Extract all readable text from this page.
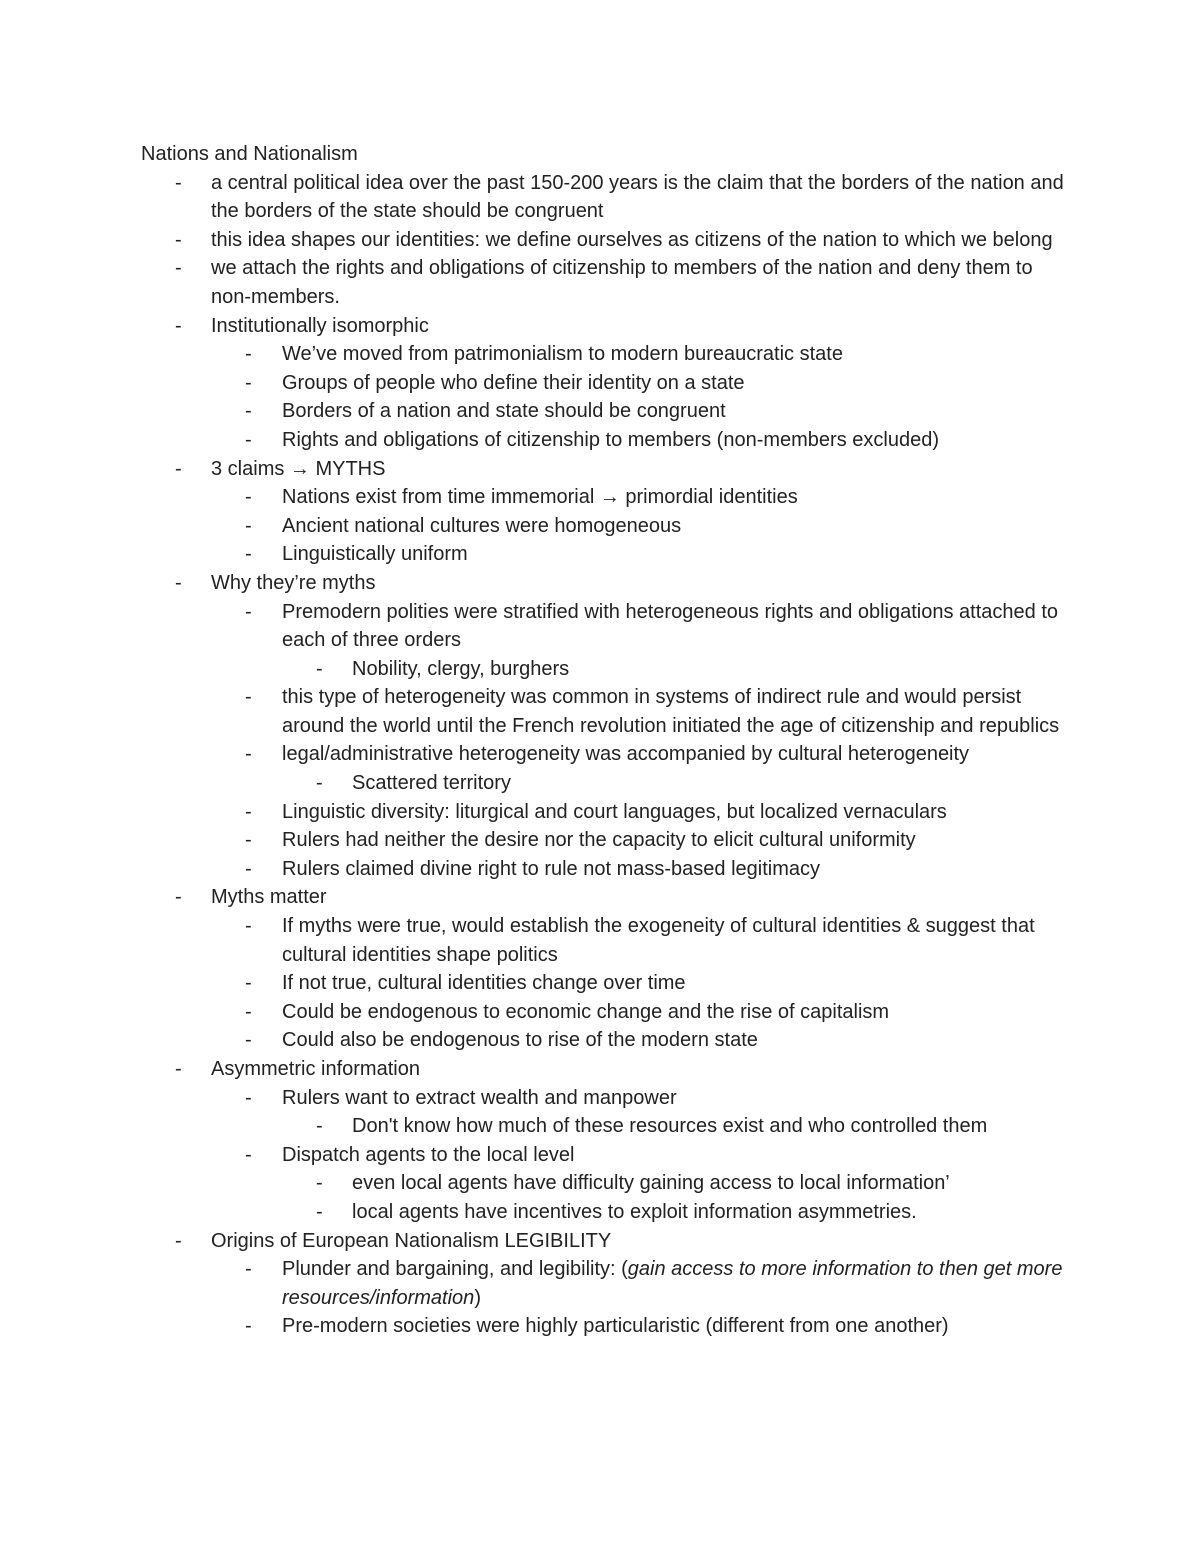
Nations and Nationalism

-	a central political idea over the past 150-200 years is the claim that the borders of the nation and the borders of the state should be congruent
-	this idea shapes our identities: we define ourselves as citizens of the nation to which we belong
-	we attach the rights and obligations of citizenship to members of the nation and deny them to non-members.
-	Institutionally isomorphic
-	We’ve moved from patrimonialism to modern bureaucratic state
-	Groups of people who define their identity on a state
-	Borders of a nation and state should be congruent
-	Rights and obligations of citizenship to members (non-members excluded)
-	3 claims → MYTHS
-	Nations exist from time immemorial → primordial identities
-	Ancient national cultures were homogeneous
-	Linguistically uniform
-	Why they’re myths
-	Premodern polities were stratified with heterogeneous rights and obligations attached to each of three orders
-	Nobility, clergy, burghers
-	this type of heterogeneity was common in systems of indirect rule and would persist around the world until the French revolution initiated the age of citizenship and republics
-	legal/administrative heterogeneity was accompanied by cultural heterogeneity
-	Scattered territory
-	Linguistic diversity: liturgical and court languages, but localized vernaculars
-	Rulers had neither the desire nor the capacity to elicit cultural uniformity
-	Rulers claimed divine right to rule not mass-based legitimacy
-	Myths matter
-	If myths were true, would establish the exogeneity of cultural identities & suggest that cultural identities shape politics
-	If not true, cultural identities change over time
-	Could be endogenous to economic change and the rise of capitalism
-	Could also be endogenous to rise of the modern state
-	Asymmetric information
-	Rulers want to extract wealth and manpower
-	Don't know how much of these resources exist and who controlled them
-	Dispatch agents to the local level
-	even local agents have difficulty gaining access to local information’
-	local agents have incentives to exploit information asymmetries.
-	Origins of European Nationalism LEGIBILITY
-	Plunder and bargaining, and legibility: (gain access to more information to then get more resources/information)
-	Pre-modern societies were highly particularistic (different from one another)
